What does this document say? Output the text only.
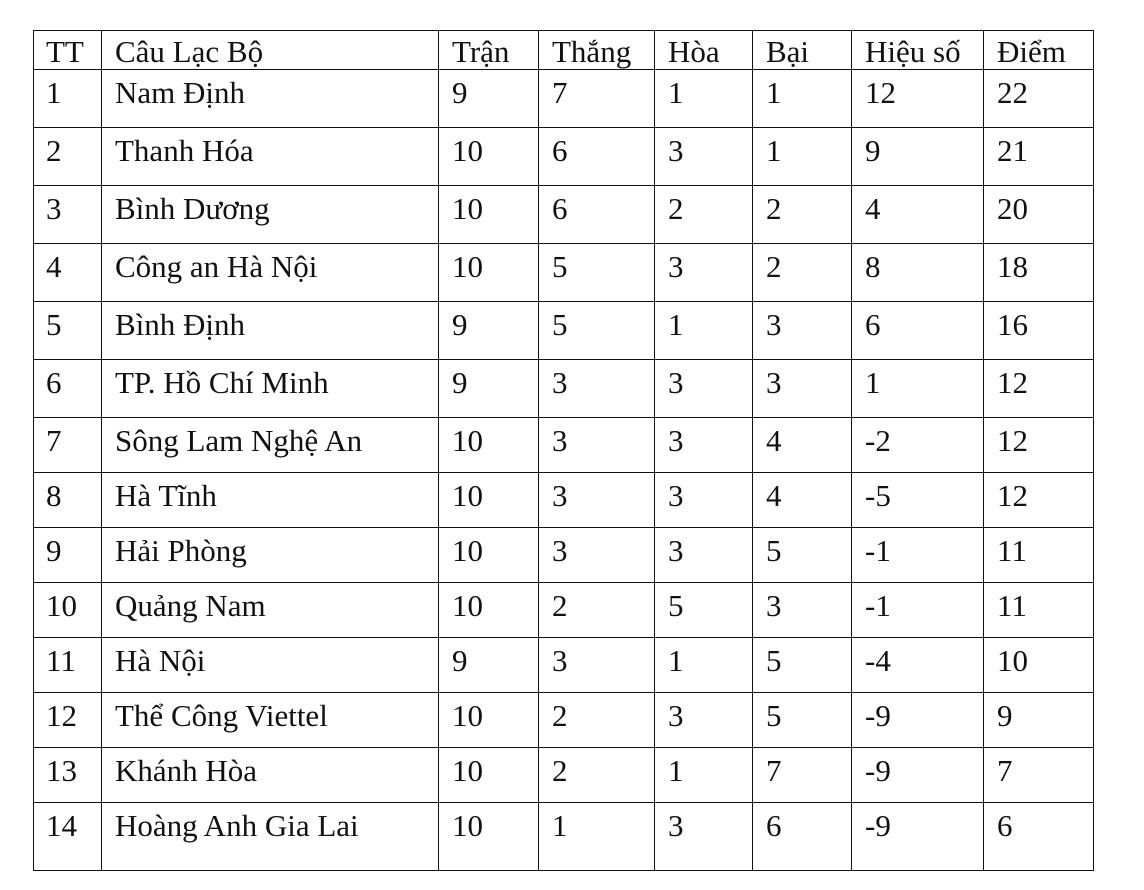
TT	Câu Lạc Bộ	Trận	Thắng	Hòa	Bại	Hiệu số	Điểm
1	Nam Định	9	7	1	1	12	22
2	Thanh Hóa	10	6	3	1	9	21
3	Bình Dương	10	6	2	2	4	20
4	Công an Hà Nội	10	5	3	2	8	18
5	Bình Định	9	5	1	3	6	16
6	TP. Hồ Chí Minh	9	3	3	3	1	12
7	Sông Lam Nghệ An	10	3	3	4	-2	12
8	Hà Tĩnh	10	3	3	4	-5	12
9	Hải Phòng	10	3	3	5	-1	11
10	Quảng Nam	10	2	5	3	-1	11
11	Hà Nội	9	3	1	5	-4	10
12	Thể Công Viettel	10	2	3	5	-9	9
13	Khánh Hòa	10	2	1	7	-9	7
14	Hoàng Anh Gia Lai	10	1	3	6	-9	6
